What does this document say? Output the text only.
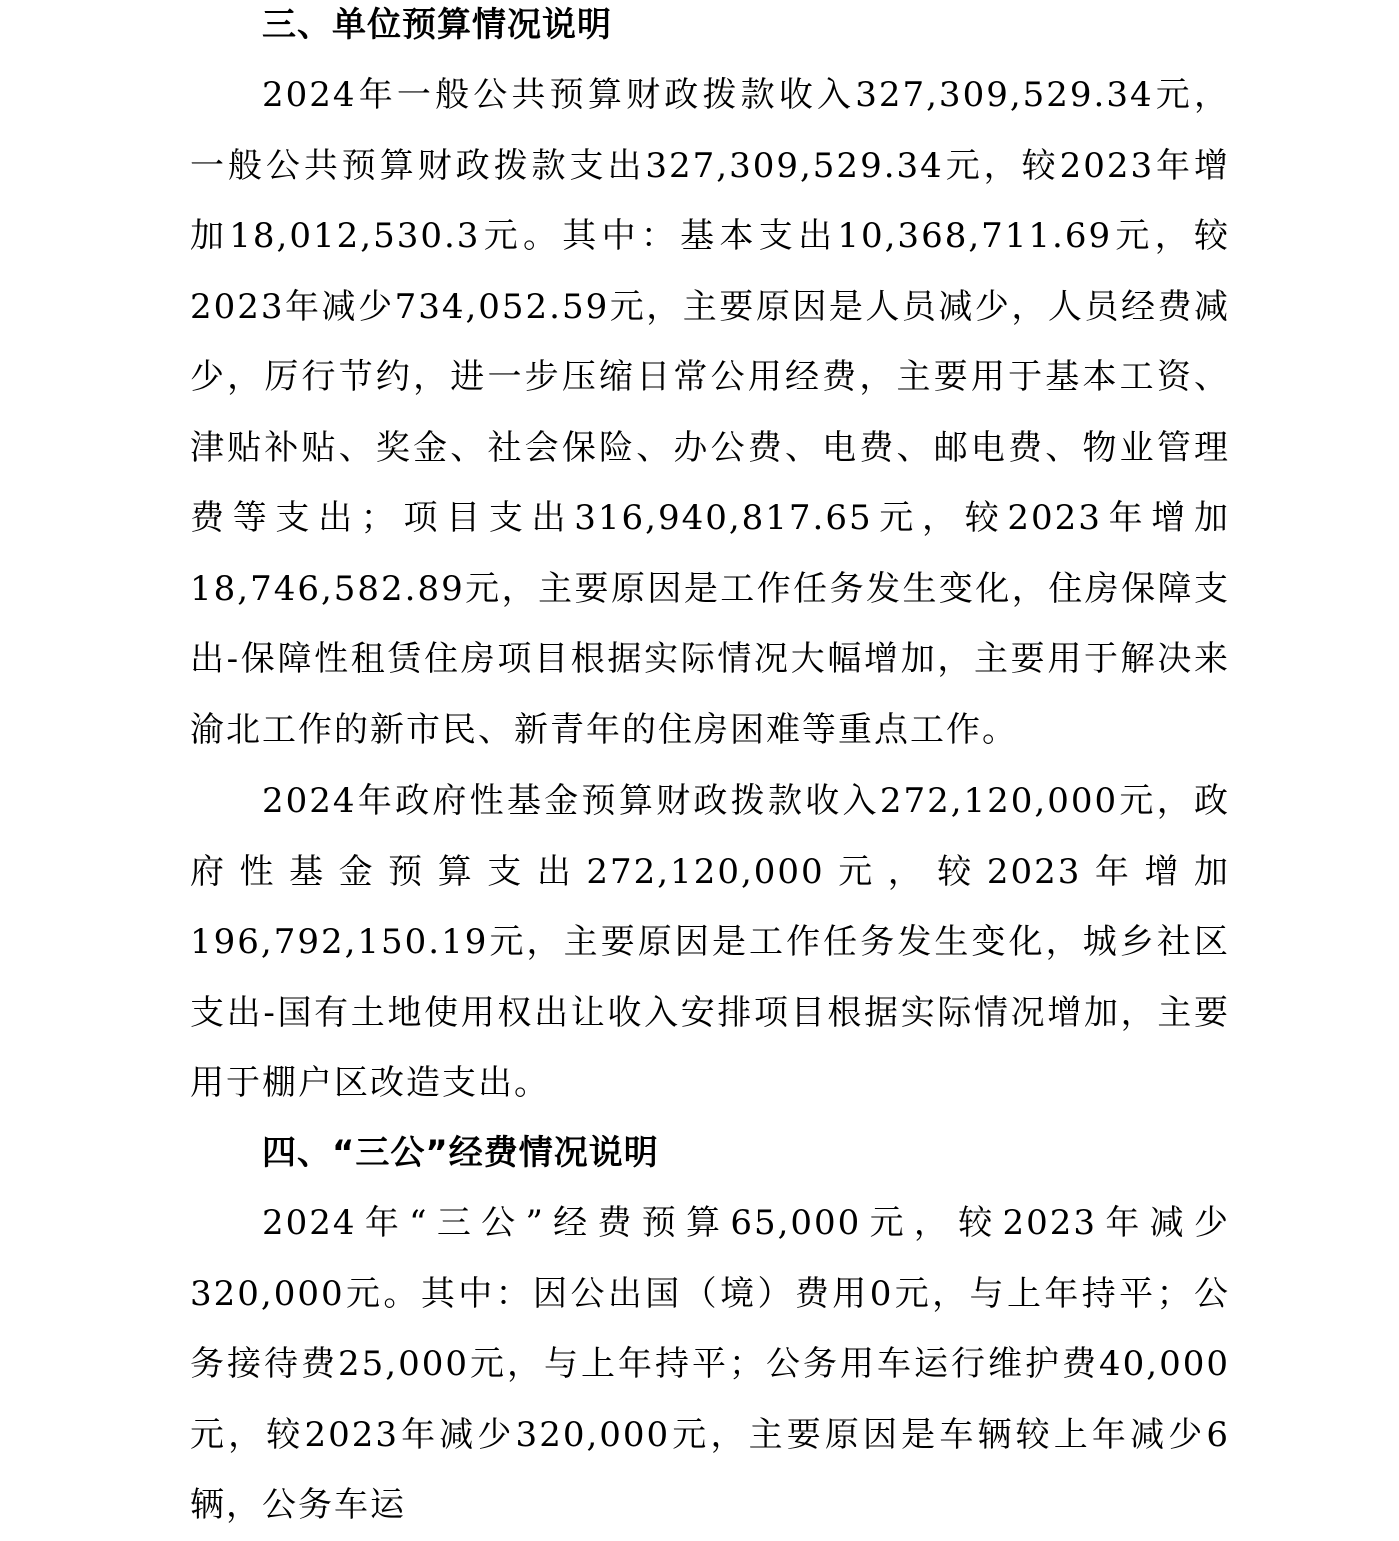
三、单位预算情况说明

2024年一般公共预算财政拨款收入327,309,529.34元，一般公共预算财政拨款支出327,309,529.34元，较2023年增加18,012,530.3元。其中：基本支出10,368,711.69元，较2023年减少734,052.59元，主要原因是人员减少，人员经费减少，厉行节约，进一步压缩日常公用经费，主要用于基本工资、津贴补贴、奖金、社会保险、办公费、电费、邮电费、物业管理费等支出；项目支出316,940,817.65元，较2023年增加18,746,582.89元，主要原因是工作任务发生变化，住房保障支出-保障性租赁住房项目根据实际情况大幅增加，主要用于解决来渝北工作的新市民、新青年的住房困难等重点工作。

2024年政府性基金预算财政拨款收入272,120,000元，政府性基金预算支出272,120,000元，较2023年增加196,792,150.19元，主要原因是工作任务发生变化，城乡社区支出-国有土地使用权出让收入安排项目根据实际情况增加，主要用于棚户区改造支出。

四、“三公”经费情况说明

2024年“三公”经费预算65,000元，较2023年减少320,000元。其中：因公出国（境）费用0元，与上年持平；公务接待费25,000元，与上年持平；公务用车运行维护费40,000元，较2023年减少320,000元，主要原因是车辆较上年减少6辆，公务车运
